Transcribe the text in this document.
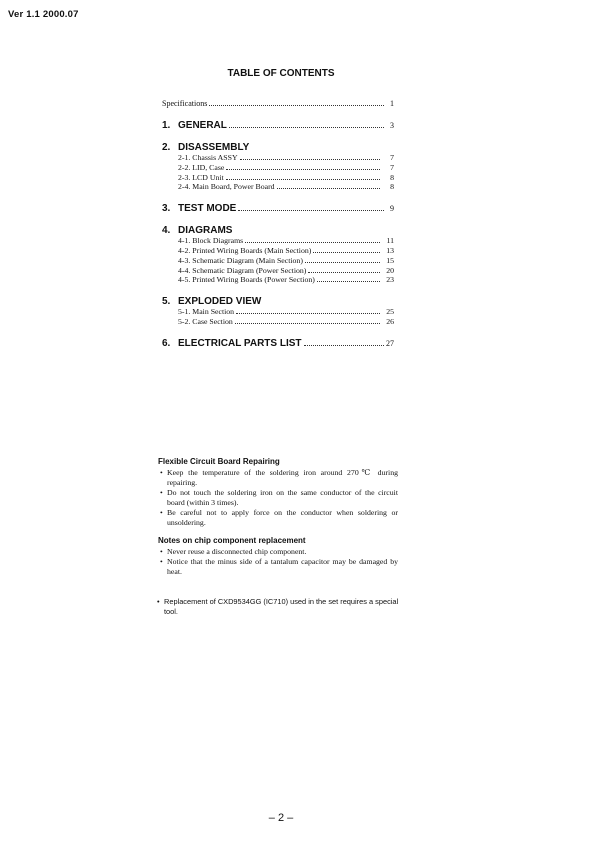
Ver 1.1 2000.07
TABLE OF CONTENTS
Specifications	1
1. GENERAL	3
2. DISASSEMBLY
2-1. Chassis ASSY	7
2-2. LID, Case	7
2-3. LCD Unit	8
2-4. Main Board, Power Board	8
3. TEST MODE	9
4. DIAGRAMS
4-1. Block Diagrams	11
4-2. Printed Wiring Boards (Main Section)	13
4-3. Schematic Diagram (Main Section)	15
4-4. Schematic Diagram (Power Section)	20
4-5. Printed Wiring Boards (Power Section)	23
5. EXPLODED VIEW
5-1. Main Section	25
5-2. Case Section	26
6. ELECTRICAL PARTS LIST	27
Flexible Circuit Board Repairing
• Keep the temperature of the soldering iron around 270℃ during repairing.
• Do not touch the soldering iron on the same conductor of the circuit board (within 3 times).
• Be careful not to apply force on the conductor when soldering or unsoldering.
Notes on chip component replacement
• Never reuse a disconnected chip component.
• Notice that the minus side of a tantalum capacitor may be damaged by heat.
• Replacement of CXD9534GG (IC710) used in the set requires a special tool.
– 2 –
